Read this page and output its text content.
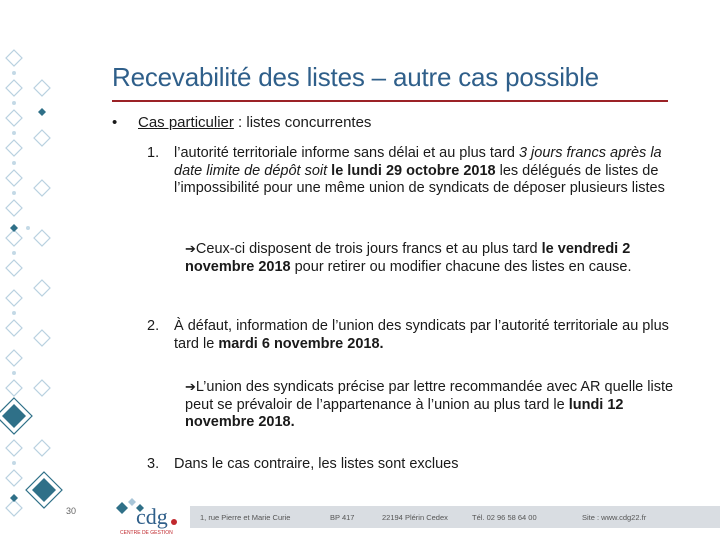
Recevabilité des listes – autre cas possible
• Cas particulier : listes concurrentes
1. l’autorité territoriale informe sans délai et au plus tard 3 jours francs après la date limite de dépôt soit le lundi 29 octobre 2018 les délégués de listes de l’impossibilité pour une même union de syndicats de déposer plusieurs listes
➔Ceux-ci disposent de trois jours francs et au plus tard le vendredi 2 novembre 2018 pour retirer ou modifier chacune des listes en cause.
2. À défaut, information de l’union des syndicats par l’autorité territoriale au plus tard le mardi 6 novembre 2018.
➔L’union des syndicats précise par lettre recommandée avec AR quelle liste peut se prévaloir de l’appartenance à l’union au plus tard le lundi 12 novembre 2018.
3. Dans le cas contraire, les listes sont exclues
30	cdg
CENTRE DE GESTION
1, rue Pierre et Marie Curie	BP 417	22194 Plérin Cedex	Tél. 02 96 58 64 00	Site : www.cdg22.fr
